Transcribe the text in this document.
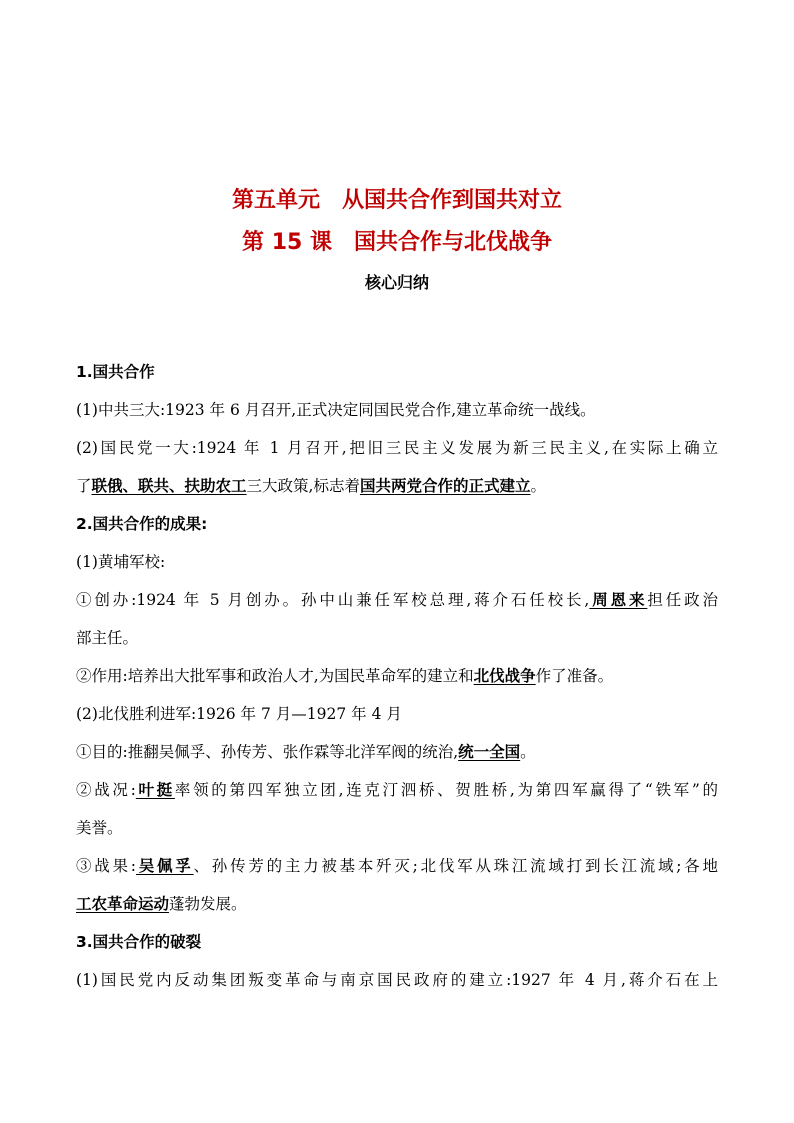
第五单元　从国共合作到国共对立
第 15 课　国共合作与北伐战争
核心归纳
1.国共合作
(1)中共三大:1923 年 6 月召开,正式决定同国民党合作,建立革命统一战线。
(2)国民党一大:1924 年 1 月召开,把旧三民主义发展为新三民主义,在实际上确立
了联俄、联共、扶助农工三大政策,标志着国共两党合作的正式建立。
2.国共合作的成果:
(1)黄埔军校:
①创办:1924 年 5 月创办。孙中山兼任军校总理,蒋介石任校长,周恩来担任政治
部主任。
②作用:培养出大批军事和政治人才,为国民革命军的建立和北伐战争作了准备。
(2)北伐胜利进军:1926 年 7 月—1927 年 4 月
①目的:推翻吴佩孚、孙传芳、张作霖等北洋军阀的统治,统一全国。
②战况:叶挺率领的第四军独立团,连克汀泗桥、贺胜桥,为第四军赢得了“铁军”的
美誉。
③战果:吴佩孚、孙传芳的主力被基本歼灭;北伐军从珠江流域打到长江流域;各地
工农革命运动蓬勃发展。
3.国共合作的破裂
(1)国民党内反动集团叛变革命与南京国民政府的建立:1927 年 4 月,蒋介石在上
